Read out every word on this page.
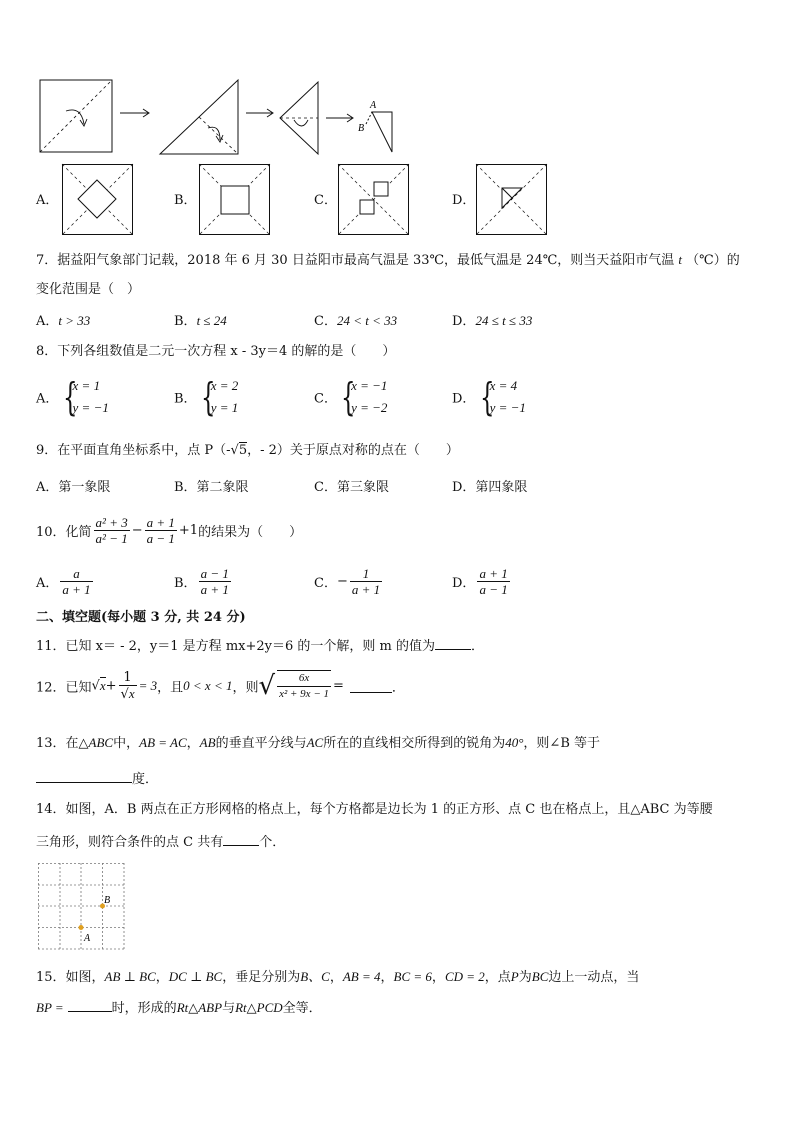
A
B
A．	B．	C．	D．
7．据益阳气象部门记载，2018 年 6 月 30 日益阳市最高气温是 33℃，最低气温是 24℃，则当天益阳市气温 t （℃）的
变化范围是（　）
A．t > 33	B．t ≤ 24	C．24 < t < 33	D．24 ≤ t ≤ 33
8．下列各组数值是二元一次方程 x - 3y＝4 的解的是（　　）
A． {
x = 1
y = −1
B． {
x = 2
y = 1
C． {
x = −1
y = −2
D． {
x = 4
y = −1
9．在平面直角坐标系中，点 P（-√5，- 2）关于原点对称的点在（　　）
A．第一象限	B．第二象限	C．第三象限	D．第四象限
10．化简 $\frac{\text{a² + 3}}{\text{a² − 1}} - \frac{a + 1}{a - 1} +1$的结果为（　　）
A． $\frac{a}{a + 1}$	B． $\frac{a - 1}{a + 1}$	C．− $\frac{1}{a + 1}$	D． $\frac{a + 1}{a - 1}$
二、填空题(每小题 3 分, 共 24 分)
11．已知 x＝ - 2，y＝1 是方程 mx+2y＝6 的一个解，则 m 的值为	．
12．已知$√x+ \frac{1}{√x} = 3$，且0 < x < 1，则√ $\frac{6x}{\text{x² + 9x − 1}}$ =	．
13．在△ABC中，AB = AC，AB的垂直平分线与AC所在的直线相交所得到的锐角为40°，则∠B 等于
度．
14．如图，A．B 两点在正方形网格的格点上，每个方格都是边长为 1 的正方形、点 C 也在格点上，且△ABC 为等腰
三角形，则符合条件的点 C 共有	个．
B
A
15．如图，AB ⊥ BC，DC ⊥ BC，垂足分别为B、C，AB = 4，BC = 6，CD = 2，点P为BC边上一动点，当
BP =	时，形成的Rt△ABP与Rt△PCD全等．
